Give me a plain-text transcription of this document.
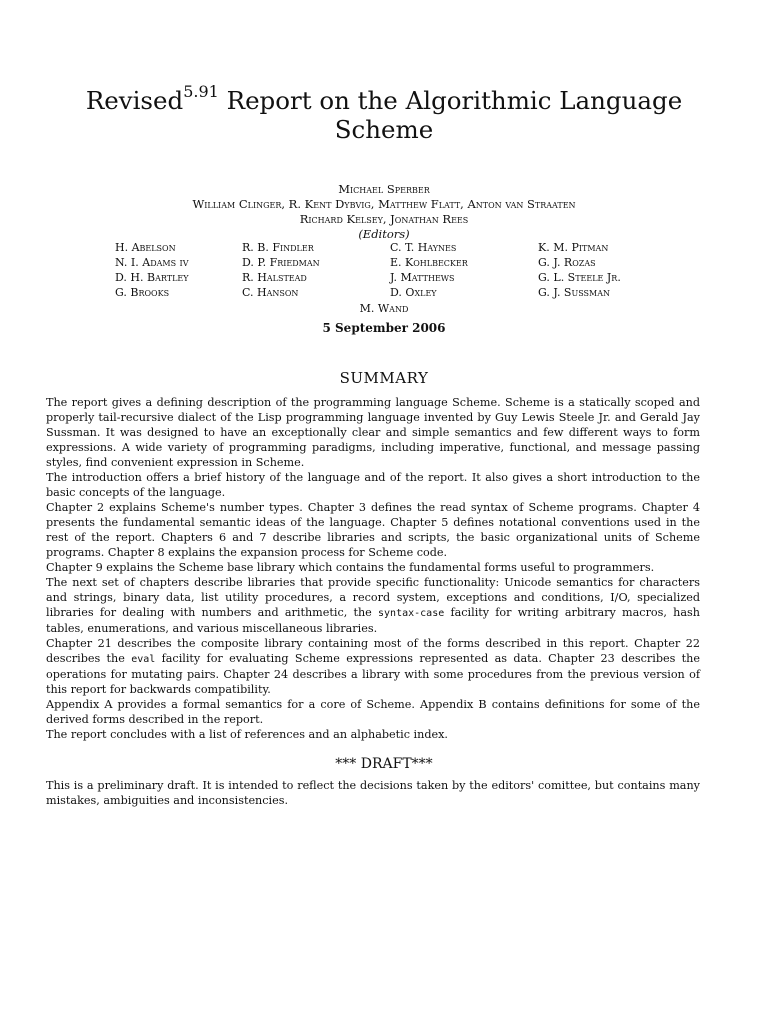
Revised$^{5.91}$ Report on the Algorithmic Language
Scheme
Michael Sperber
William Clinger, R. Kent Dybvig, Matthew Flatt, Anton van Straaten
Richard Kelsey, Jonathan Rees
(Editors)
H. Abelson	R. B. Findler	C. T. Haynes	K. M. Pitman
N. I. Adams iv	D. P. Friedman	E. Kohlbecker	G. J. Rozas
D. H. Bartley	R. Halstead	J. Matthews	G. L. Steele Jr.
G. Brooks	C. Hanson	D. Oxley	G. J. Sussman
M. Wand
5 September 2006
SUMMARY

The report gives a defining description of the programming language Scheme. Scheme is a statically scoped and properly tail-recursive dialect of the Lisp programming language invented by Guy Lewis Steele Jr. and Gerald Jay Sussman. It was designed to have an exceptionally clear and simple semantics and few different ways to form expressions. A wide variety of programming paradigms, including imperative, functional, and message passing styles, find convenient expression in Scheme.

The introduction offers a brief history of the language and of the report. It also gives a short introduction to the basic concepts of the language.

Chapter 2 explains Scheme's number types. Chapter 3 defines the read syntax of Scheme programs. Chapter 4 presents the fundamental semantic ideas of the language. Chapter 5 defines notational conventions used in the rest of the report. Chapters 6 and 7 describe libraries and scripts, the basic organizational units of Scheme programs. Chapter 8 explains the expansion process for Scheme code.

Chapter 9 explains the Scheme base library which contains the fundamental forms useful to programmers.

The next set of chapters describe libraries that provide specific functionality: Unicode semantics for characters and strings, binary data, list utility procedures, a record system, exceptions and conditions, I/O, specialized libraries for dealing with numbers and arithmetic, the syntax-case facility for writing arbitrary macros, hash tables, enumerations, and various miscellaneous libraries.

Chapter 21 describes the composite library containing most of the forms described in this report. Chapter 22 describes the eval facility for evaluating Scheme expressions represented as data. Chapter 23 describes the operations for mutating pairs. Chapter 24 describes a library with some procedures from the previous version of this report for backwards compatibility.

Appendix A provides a formal semantics for a core of Scheme. Appendix B contains definitions for some of the derived forms described in the report.

The report concludes with a list of references and an alphabetic index.

*** DRAFT***

This is a preliminary draft. It is intended to reflect the decisions taken by the editors' comittee, but contains many mistakes, ambiguities and inconsistencies.
